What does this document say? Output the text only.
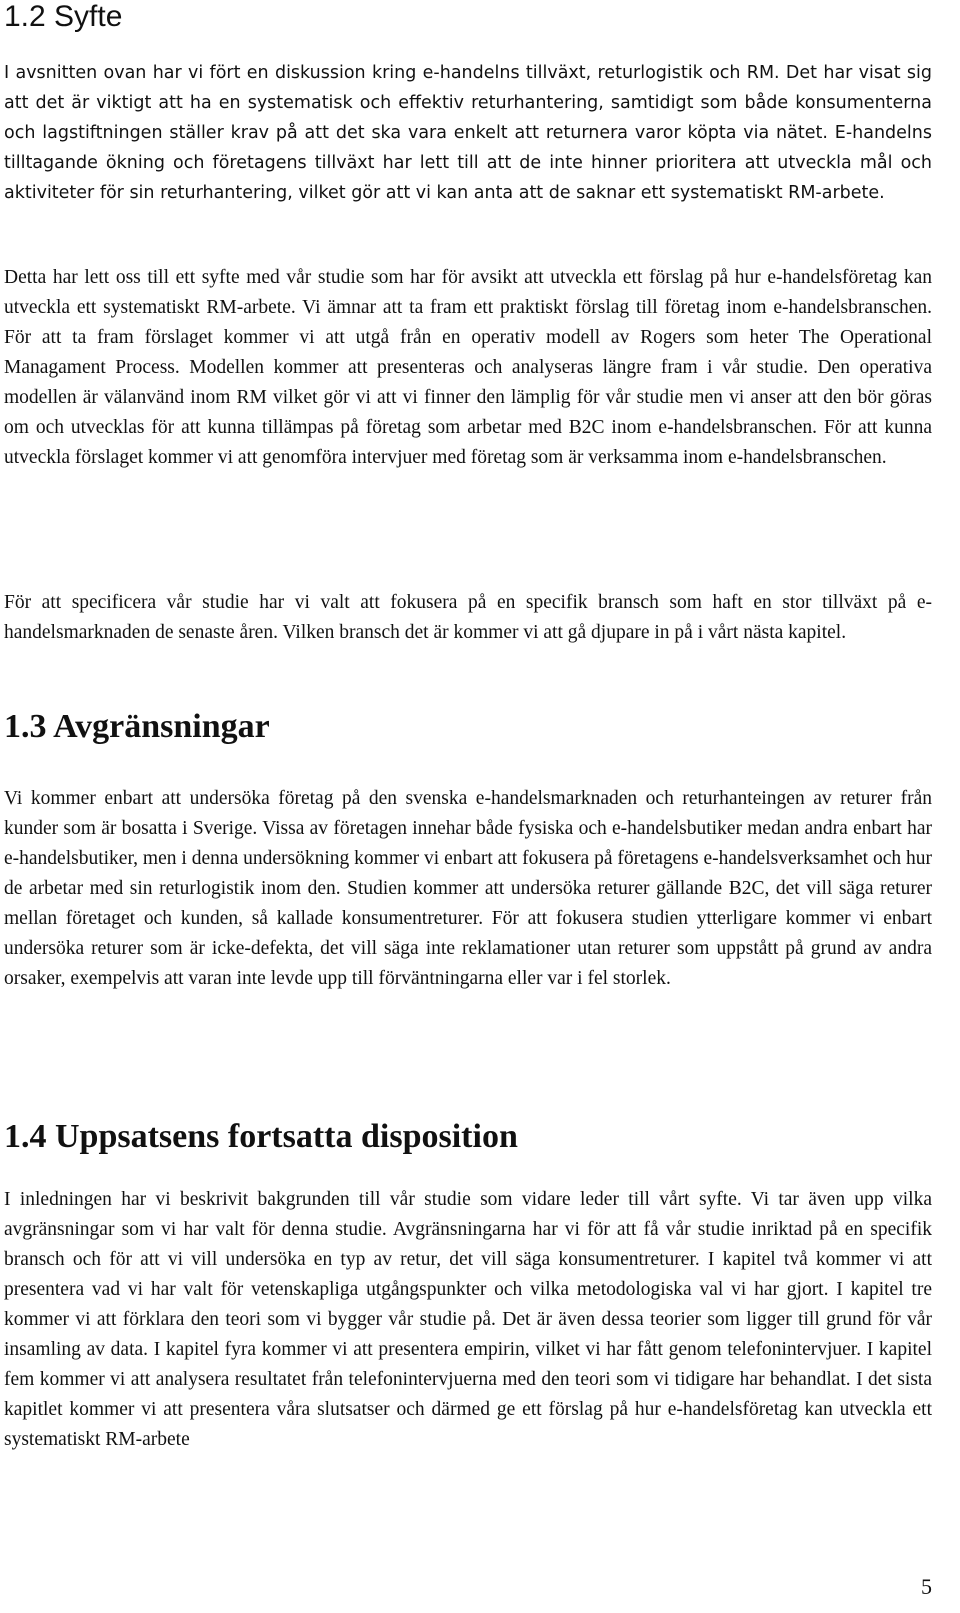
1.2 Syfte

I avsnitten ovan har vi fört en diskussion kring e-handelns tillväxt, returlogistik och RM. Det har visat sig att det är viktigt att ha en systematisk och effektiv returhantering, samtidigt som både konsumenterna och lagstiftningen ställer krav på att det ska vara enkelt att returnera varor köpta via nätet. E-handelns tilltagande ökning och företagens tillväxt har lett till att de inte hinner prioritera att utveckla mål och aktiviteter för sin returhantering, vilket gör att vi kan anta att de saknar ett systematiskt RM-arbete.

Detta har lett oss till ett syfte med vår studie som har för avsikt att utveckla ett förslag på hur e-handelsföretag kan utveckla ett systematiskt RM-arbete. Vi ämnar att ta fram ett praktiskt förslag till företag inom e-handelsbranschen. För att ta fram förslaget kommer vi att utgå från en operativ modell av Rogers som heter The Operational Managament Process. Modellen kommer att presenteras och analyseras längre fram i vår studie. Den operativa modellen är välanvänd inom RM vilket gör vi att vi finner den lämplig för vår studie men vi anser att den bör göras om och utvecklas för att kunna tillämpas på företag som arbetar med B2C inom e-handelsbranschen. För att kunna utveckla förslaget kommer vi att genomföra intervjuer med företag som är verksamma inom e-handelsbranschen.

För att specificera vår studie har vi valt att fokusera på en specifik bransch som haft en stor tillväxt på e-handelsmarknaden de senaste åren. Vilken bransch det är kommer vi att gå djupare in på i vårt nästa kapitel.

1.3 Avgränsningar

Vi kommer enbart att undersöka företag på den svenska e-handelsmarknaden och returhanteingen av returer från kunder som är bosatta i Sverige. Vissa av företagen innehar både fysiska och e-handelsbutiker medan andra enbart har e-handelsbutiker, men i denna undersökning kommer vi enbart att fokusera på företagens e-handelsverksamhet och hur de arbetar med sin returlogistik inom den. Studien kommer att undersöka returer gällande B2C, det vill säga returer mellan företaget och kunden, så kallade konsumentreturer. För att fokusera studien ytterligare kommer vi enbart undersöka returer som är icke-defekta, det vill säga inte reklamationer utan returer som uppstått på grund av andra orsaker, exempelvis att varan inte levde upp till förväntningarna eller var i fel storlek.

1.4 Uppsatsens fortsatta disposition

I inledningen har vi beskrivit bakgrunden till vår studie som vidare leder till vårt syfte. Vi tar även upp vilka avgränsningar som vi har valt för denna studie. Avgränsningarna har vi för att få vår studie inriktad på en specifik bransch och för att vi vill undersöka en typ av retur, det vill säga konsumentreturer. I kapitel två kommer vi att presentera vad vi har valt för vetenskapliga utgångspunkter och vilka metodologiska val vi har gjort. I kapitel tre kommer vi att förklara den teori som vi bygger vår studie på. Det är även dessa teorier som ligger till grund för vår insamling av data. I kapitel fyra kommer vi att presentera empirin, vilket vi har fått genom telefonintervjuer. I kapitel fem kommer vi att analysera resultatet från telefonintervjuerna med den teori som vi tidigare har behandlat. I det sista kapitlet kommer vi att presentera våra slutsatser och därmed ge ett förslag på hur e-handelsföretag kan utveckla ett systematiskt RM-arbete

5
